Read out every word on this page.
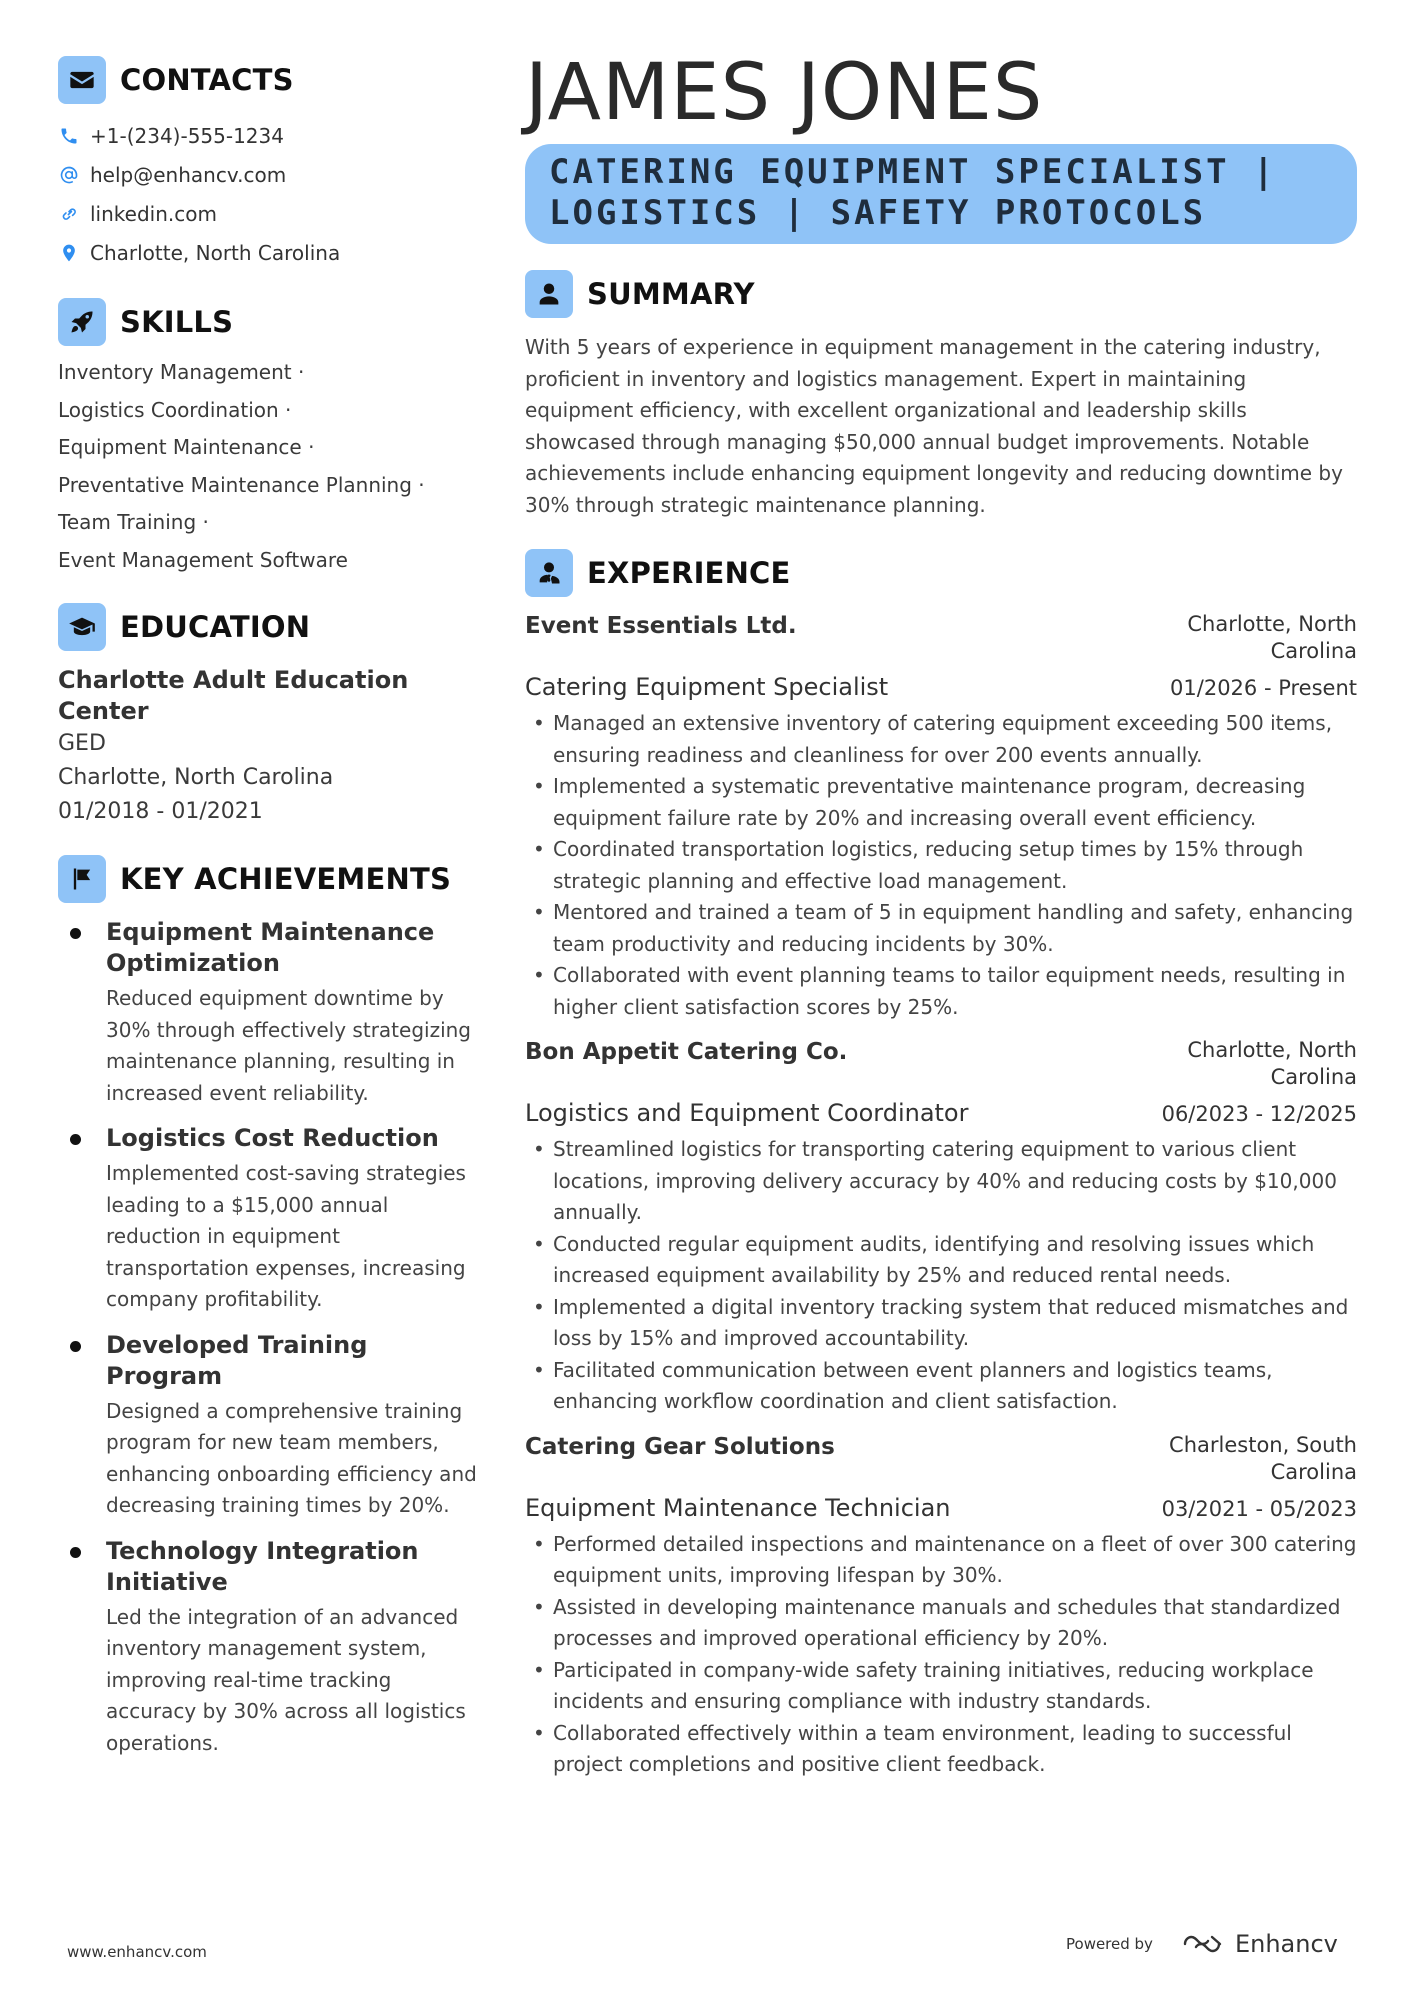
CONTACTS
+1-(234)-555-1234
help@enhancv.com
linkedin.com
Charlotte, North Carolina
SKILLS
Inventory Management ·
Logistics Coordination ·
Equipment Maintenance ·
Preventative Maintenance Planning ·
Team Training ·
Event Management Software
EDUCATION
Charlotte Adult Education Center
GED
Charlotte, North Carolina
01/2018 - 01/2021
KEY ACHIEVEMENTS
Equipment Maintenance Optimization
Reduced equipment downtime by 30% through effectively strategizing maintenance planning, resulting in increased event reliability.
Logistics Cost Reduction
Implemented cost-saving strategies leading to a $15,000 annual reduction in equipment transportation expenses, increasing company profitability.
Developed Training Program
Designed a comprehensive training program for new team members, enhancing onboarding efficiency and decreasing training times by 20%.
Technology Integration Initiative
Led the integration of an advanced inventory management system, improving real-time tracking accuracy by 30% across all logistics operations.
JAMES JONES
CATERING EQUIPMENT SPECIALIST |
LOGISTICS | SAFETY PROTOCOLS
SUMMARY
With 5 years of experience in equipment management in the catering industry, proficient in inventory and logistics management. Expert in maintaining equipment efficiency, with excellent organizational and leadership skills showcased through managing $50,000 annual budget improvements. Notable achievements include enhancing equipment longevity and reducing downtime by 30% through strategic maintenance planning.
EXPERIENCE
Event Essentials Ltd.	Charlotte, North Carolina
Catering Equipment Specialist	01/2026 - Present
• Managed an extensive inventory of catering equipment exceeding 500 items, ensuring readiness and cleanliness for over 200 events annually.
• Implemented a systematic preventative maintenance program, decreasing equipment failure rate by 20% and increasing overall event efficiency.
• Coordinated transportation logistics, reducing setup times by 15% through strategic planning and effective load management.
• Mentored and trained a team of 5 in equipment handling and safety, enhancing team productivity and reducing incidents by 30%.
• Collaborated with event planning teams to tailor equipment needs, resulting in higher client satisfaction scores by 25%.
Bon Appetit Catering Co.	Charlotte, North Carolina
Logistics and Equipment Coordinator	06/2023 - 12/2025
• Streamlined logistics for transporting catering equipment to various client locations, improving delivery accuracy by 40% and reducing costs by $10,000 annually.
• Conducted regular equipment audits, identifying and resolving issues which increased equipment availability by 25% and reduced rental needs.
• Implemented a digital inventory tracking system that reduced mismatches and loss by 15% and improved accountability.
• Facilitated communication between event planners and logistics teams, enhancing workflow coordination and client satisfaction.
Catering Gear Solutions	Charleston, South Carolina
Equipment Maintenance Technician	03/2021 - 05/2023
• Performed detailed inspections and maintenance on a fleet of over 300 catering equipment units, improving lifespan by 30%.
• Assisted in developing maintenance manuals and schedules that standardized processes and improved operational efficiency by 20%.
• Participated in company-wide safety training initiatives, reducing workplace incidents and ensuring compliance with industry standards.
• Collaborated effectively within a team environment, leading to successful project completions and positive client feedback.
www.enhancv.com	Powered by	Enhancv
